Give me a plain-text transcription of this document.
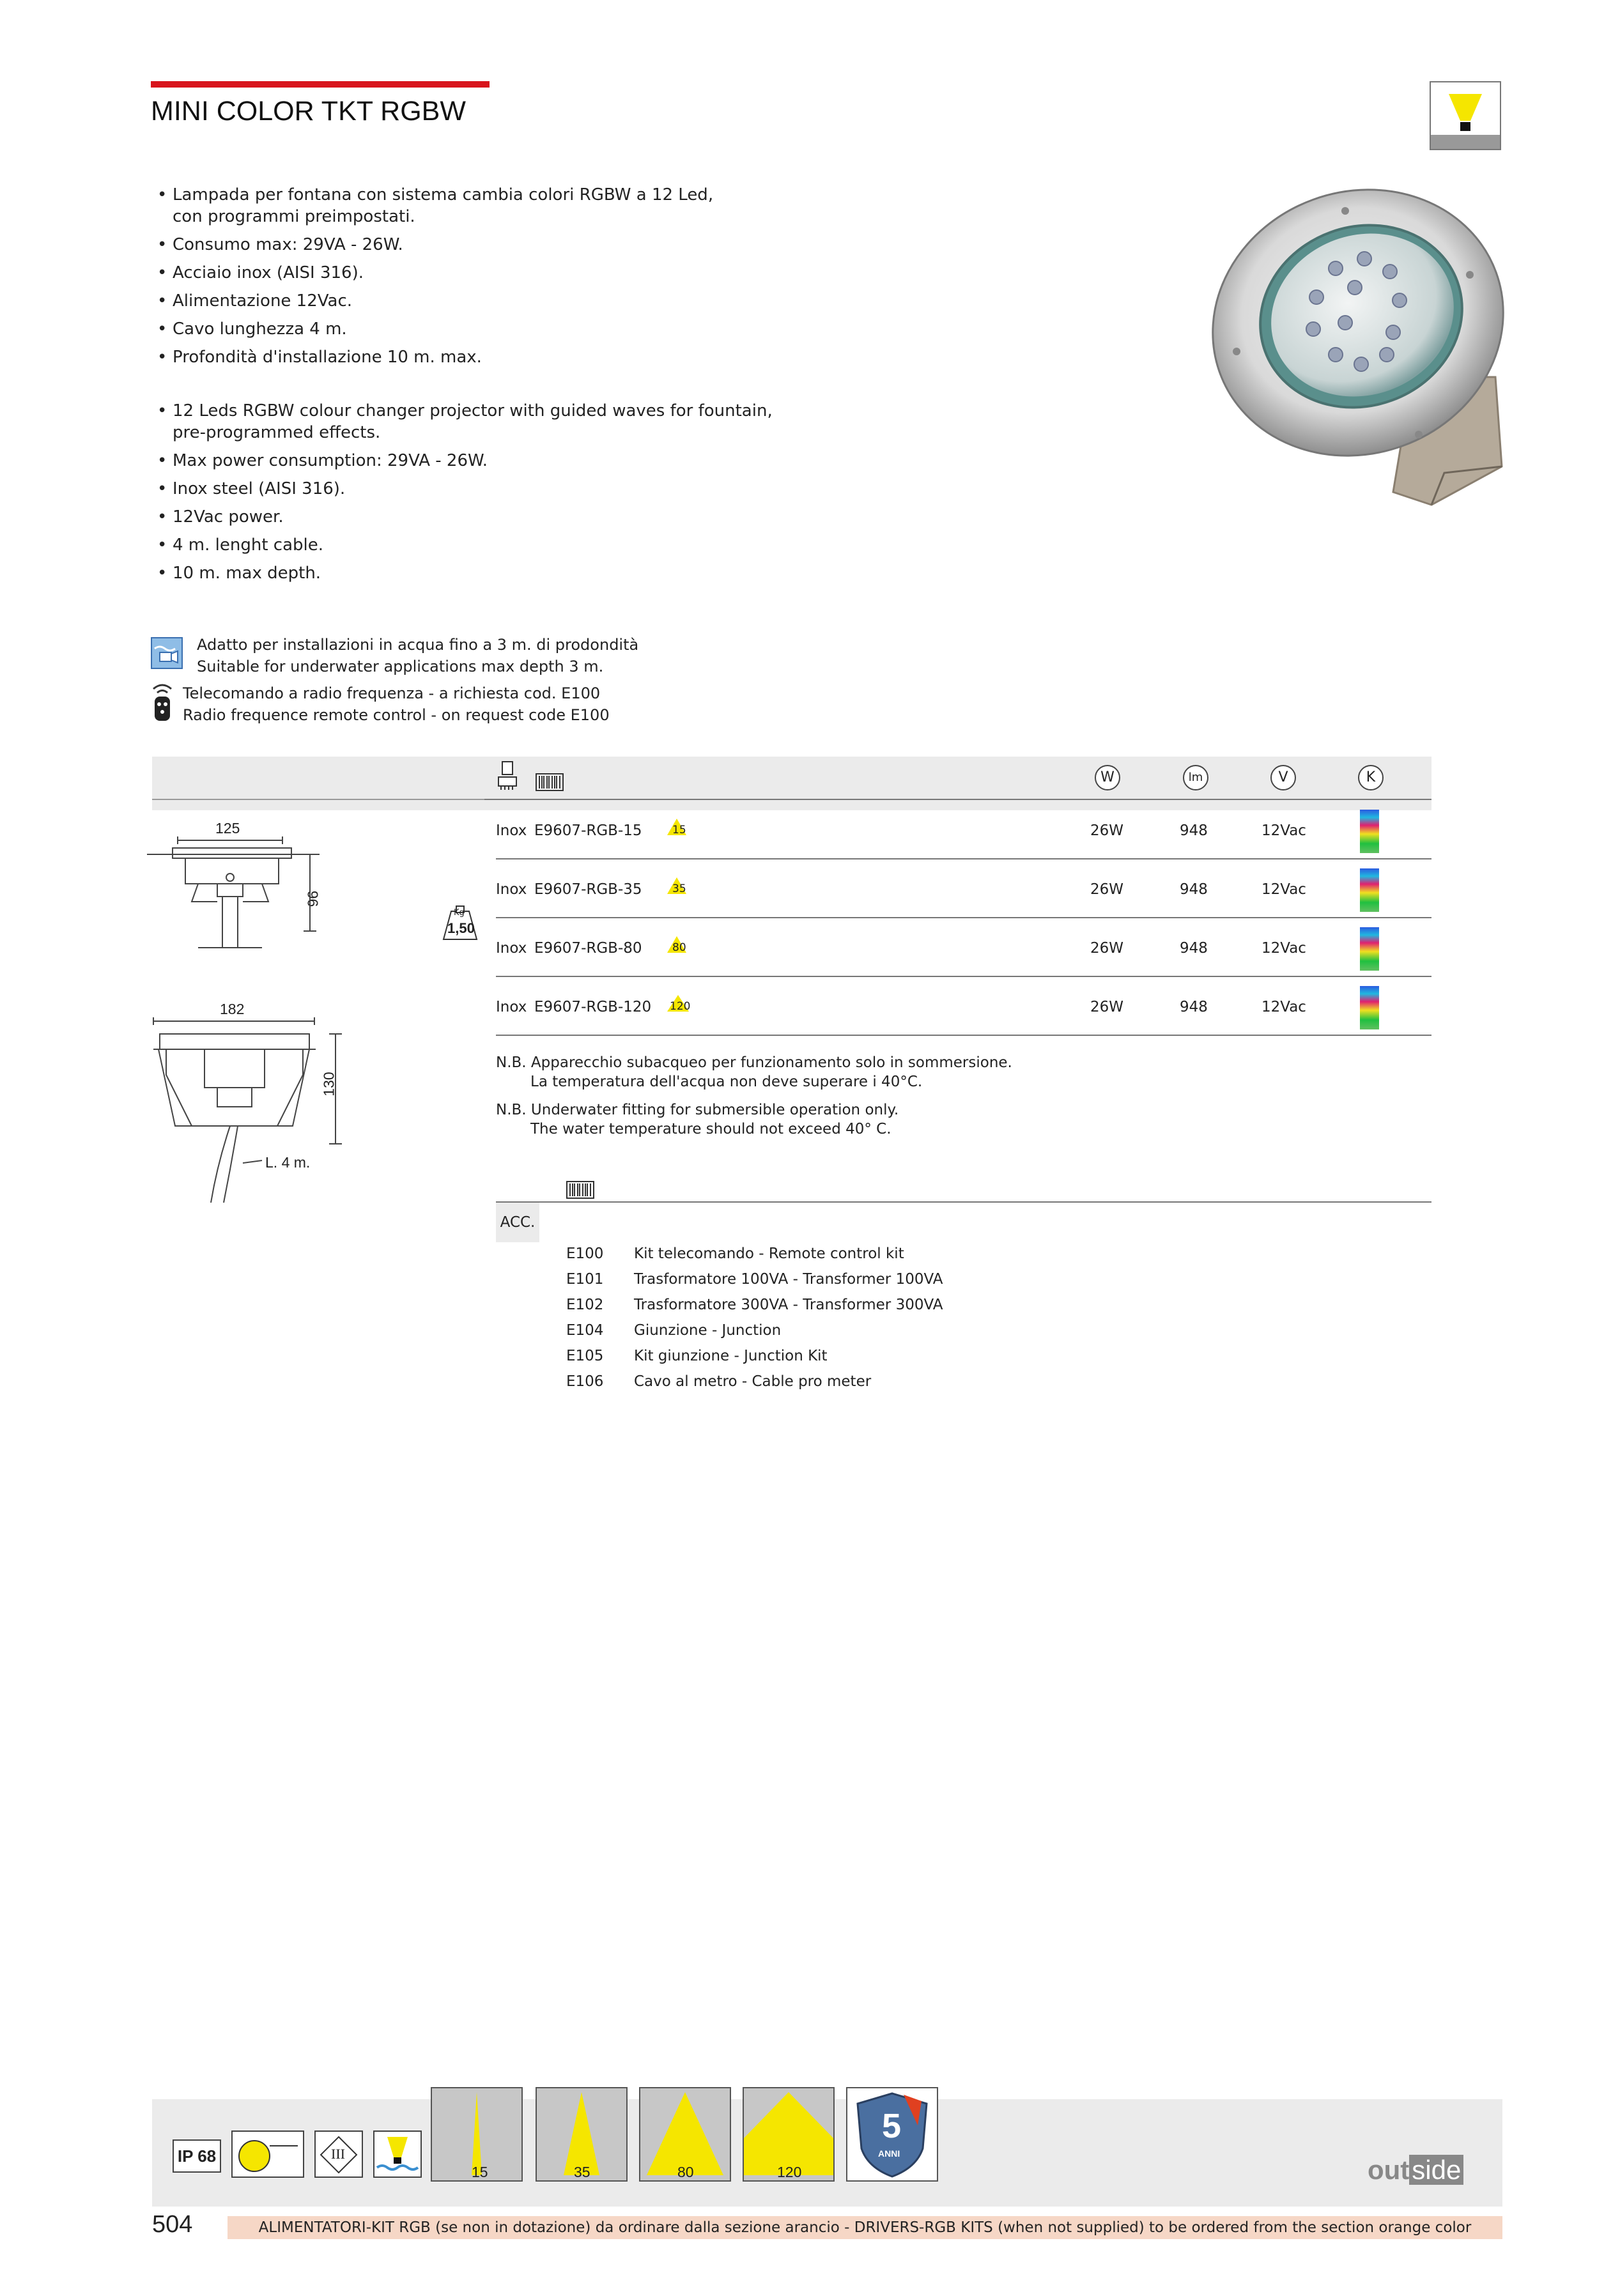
MINI COLOR TKT RGBW
• Lampada per fontana con sistema cambia colori RGBW a 12 Led,
con programmi preimpostati.
• Consumo max: 29VA - 26W.
• Acciaio inox (AISI 316).
• Alimentazione 12Vac.
• Cavo lunghezza 4 m.
• Profondità d'installazione 10 m. max.
• 12 Leds RGBW colour changer projector with guided waves for fountain,
pre-programmed effects.
• Max power consumption: 29VA - 26W.
• Inox steel (AISI 316).
• 12Vac power.
• 4 m. lenght cable.
• 10 m. max depth.
Adatto per installazioni in acqua fino a 3 m. di prodondità
Suitable for underwater applications max depth 3 m.
Telecomando a radio frequenza - a richiesta cod. E100
Radio frequence remote control - on request code E100
W	lm	V	K
Inox E9607-RGB-15	15	26W	948	12Vac
Inox E9607-RGB-35	35	26W	948	12Vac
Inox E9607-RGB-80	80	26W	948	12Vac
Inox E9607-RGB-120 120	26W	948	12Vac
125
96
Kg
1,50
182
130
L. 4 m.
N.B. Apparecchio subacqueo per funzionamento solo in sommersione.
La temperatura dell'acqua non deve superare i 40°C.
N.B. Underwater fitting for submersible operation only.
The water temperature should not exceed 40° C.
ACC.
E100 Kit telecomando - Remote control kit
E101 Trasformatore 100VA - Transformer 100VA
E102 Trasformatore 300VA - Transformer 300VA
E104 Giunzione - Junction
E105 Kit giunzione - Junction Kit
E106 Cavo al metro - Cable pro meter
IP 68	III
15	35	80	120
5
ANNI
outside
504	ALIMENTATORI-KIT RGB (se non in dotazione) da ordinare dalla sezione arancio - DRIVERS-RGB KITS (when not supplied) to be ordered from the section orange color
